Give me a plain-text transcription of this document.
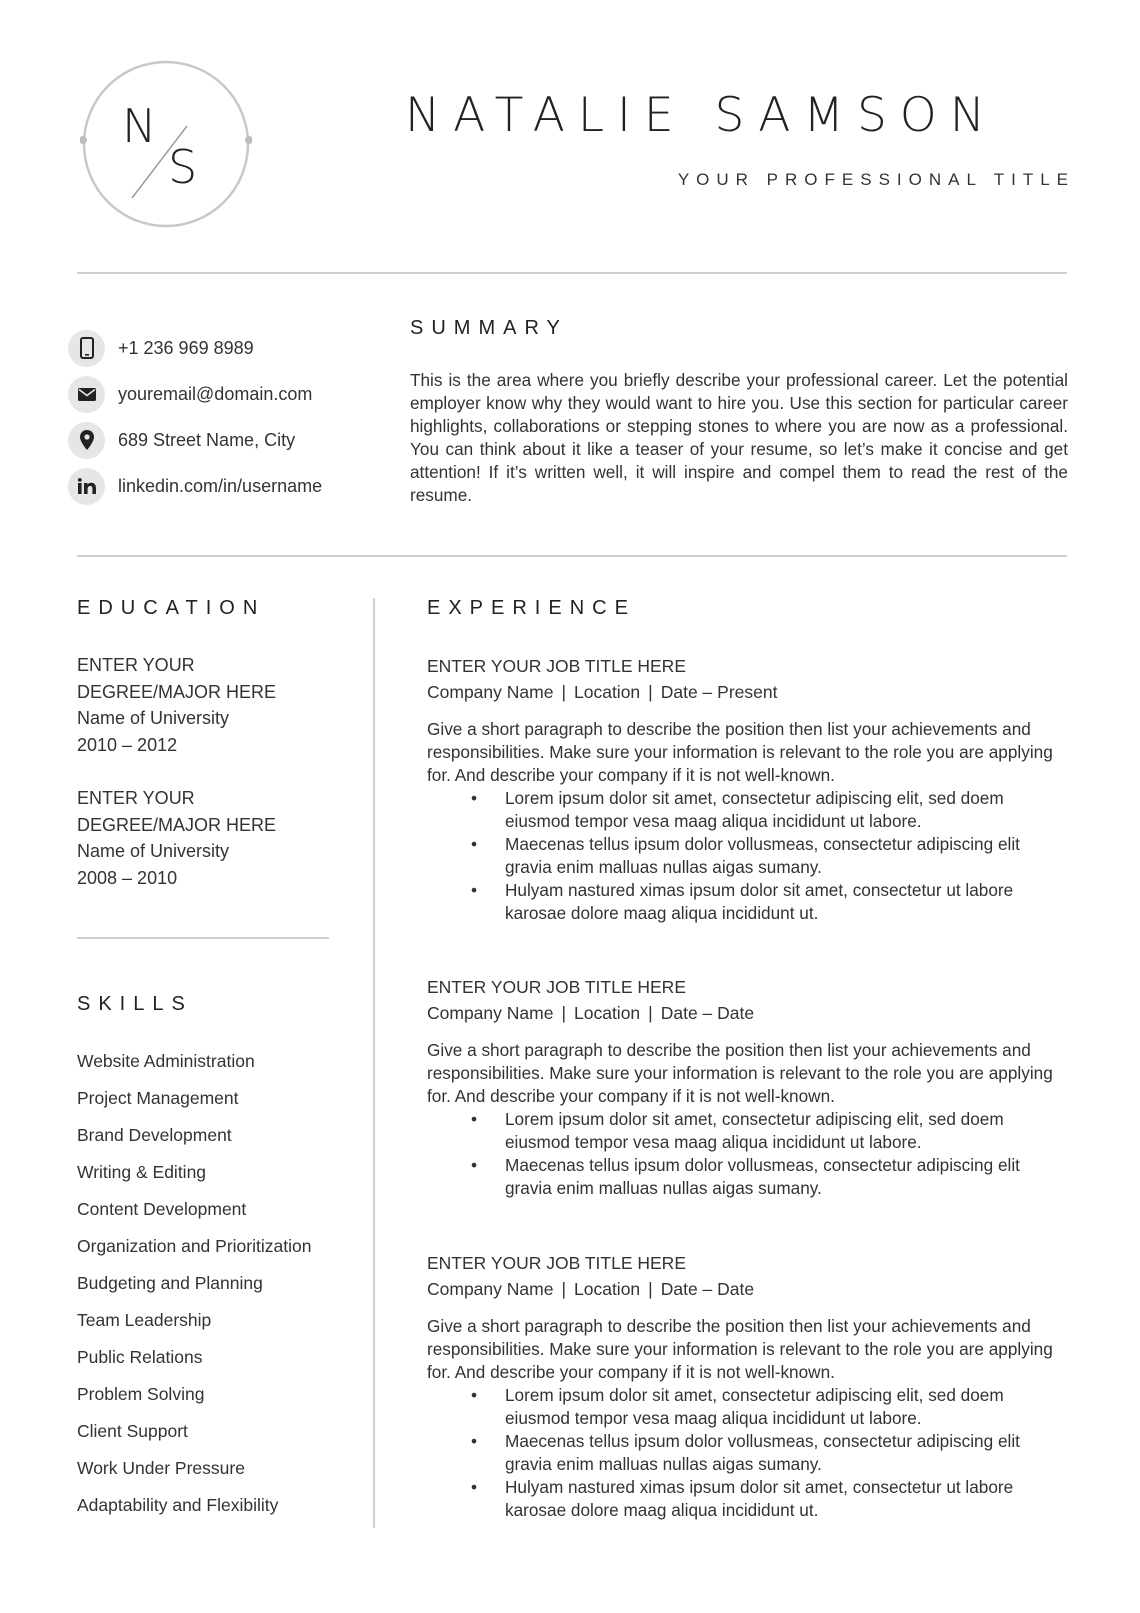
N
S
NATALIE SAMSON
YOUR PROFESSIONAL TITLE
+1 236 969 8989
youremail@domain.com
689 Street Name, City
linkedin.com/in/username
SUMMARY

This is the area where you briefly describe your professional career. Let the potential employer know why they would want to hire you. Use this section for particular career highlights, collaborations or stepping stones to where you are now as a professional. You can think about it like a teaser of your resume, so let’s make it concise and get attention! If it’s written well, it will inspire and compel them to read the rest of the resume.

EDUCATION
ENTER YOUR
DEGREE/MAJOR HERE
Name of University
2010 – 2012
ENTER YOUR
DEGREE/MAJOR HERE
Name of University
2008 – 2010
SKILLS
Website Administration
Project Management
Brand Development
Writing & Editing
Content Development
Organization and Prioritization
Budgeting and Planning
Team Leadership
Public Relations
Problem Solving
Client Support
Work Under Pressure
Adaptability and Flexibility
EXPERIENCE
ENTER YOUR JOB TITLE HERE
Company Name | Location | Date – Present

Give a short paragraph to describe the position then list your achievements and responsibilities. Make sure your information is relevant to the role you are applying for. And describe your company if it is not well-known.

• Lorem ipsum dolor sit amet, consectetur adipiscing elit, sed doem eiusmod tempor vesa maag aliqua incididunt ut labore.
• Maecenas tellus ipsum dolor vollusmeas, consectetur adipiscing elit gravia enim malluas nullas aigas sumany.
• Hulyam nastured ximas ipsum dolor sit amet, consectetur ut labore karosae dolore maag aliqua incididunt ut.
ENTER YOUR JOB TITLE HERE
Company Name | Location | Date – Date

Give a short paragraph to describe the position then list your achievements and responsibilities. Make sure your information is relevant to the role you are applying for. And describe your company if it is not well-known.

• Lorem ipsum dolor sit amet, consectetur adipiscing elit, sed doem eiusmod tempor vesa maag aliqua incididunt ut labore.
• Maecenas tellus ipsum dolor vollusmeas, consectetur adipiscing elit gravia enim malluas nullas aigas sumany.
ENTER YOUR JOB TITLE HERE
Company Name | Location | Date – Date

Give a short paragraph to describe the position then list your achievements and responsibilities. Make sure your information is relevant to the role you are applying for. And describe your company if it is not well-known.

• Lorem ipsum dolor sit amet, consectetur adipiscing elit, sed doem eiusmod tempor vesa maag aliqua incididunt ut labore.
• Maecenas tellus ipsum dolor vollusmeas, consectetur adipiscing elit gravia enim malluas nullas aigas sumany.
• Hulyam nastured ximas ipsum dolor sit amet, consectetur ut labore karosae dolore maag aliqua incididunt ut.
